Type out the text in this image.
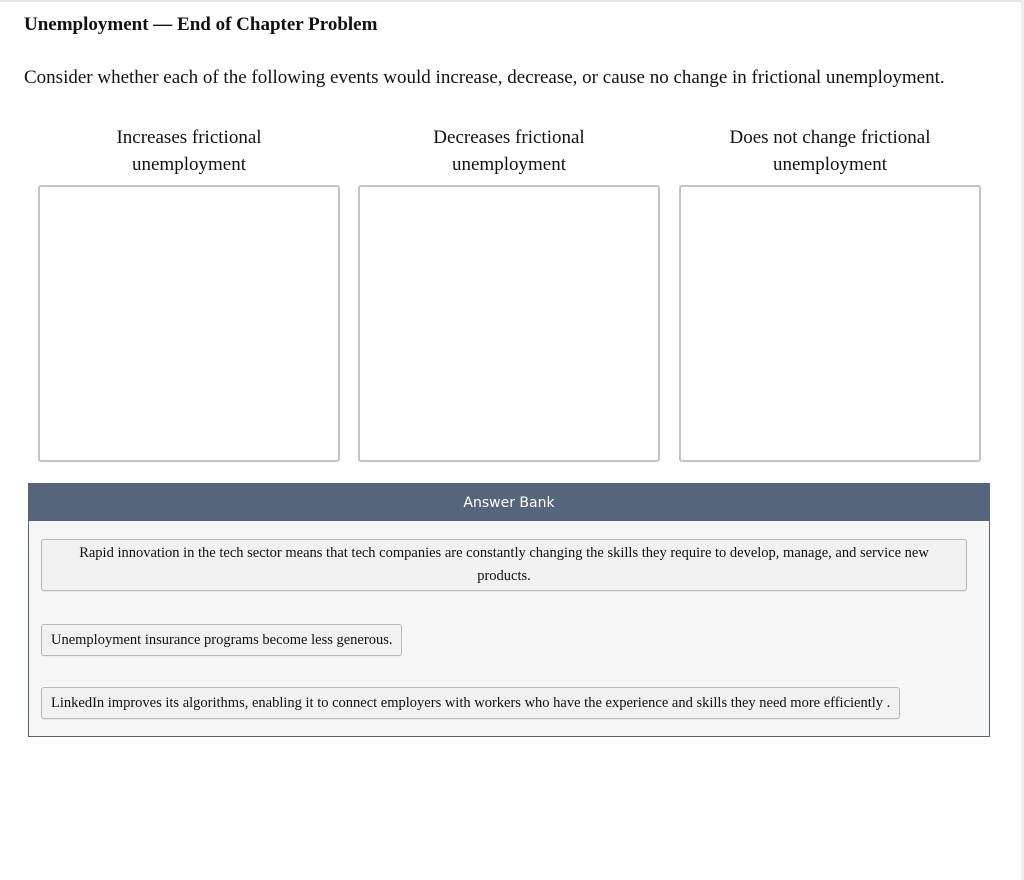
Unemployment — End of Chapter Problem
Consider whether each of the following events would increase, decrease, or cause no change in frictional unemployment.
Increases frictional
unemployment
Decreases frictional
unemployment
Does not change frictional
unemployment
Answer Bank
Rapid innovation in the tech sector means that tech companies are constantly changing the skills they require to develop, manage, and service new products.
Unemployment insurance programs become less generous.
LinkedIn improves its algorithms, enabling it to connect employers with workers who have the experience and skills they need more efficiently .
